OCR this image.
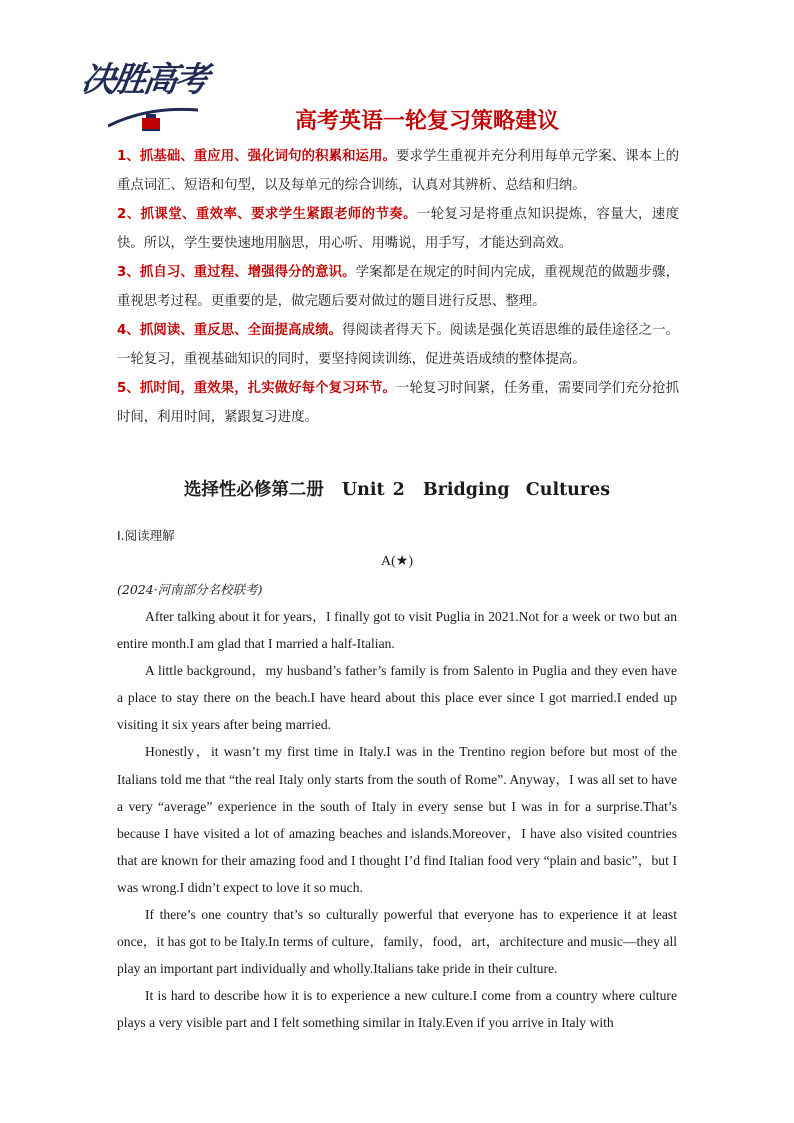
决胜高考
高考英语一轮复习策略建议

1、抓基础、重应用、强化词句的积累和运用。要求学生重视并充分利用每单元学案、课本上的重点词汇、短语和句型，以及每单元的综合训练，认真对其辨析、总结和归纳。

2、抓课堂、重效率、要求学生紧跟老师的节奏。一轮复习是将重点知识提炼，容量大，速度快。所以，学生要快速地用脑思，用心听、用嘴说，用手写，才能达到高效。

3、抓自习、重过程、增强得分的意识。学案都是在规定的时间内完成，重视规范的做题步骤，重视思考过程。更重要的是，做完题后要对做过的题目进行反思、整理。

4、抓阅读、重反思、全面提高成绩。得阅读者得天下。阅读是强化英语思维的最佳途径之一。一轮复习，重视基础知识的同时，要坚持阅读训练，促进英语成绩的整体提高。

5、抓时间，重效果，扎实做好每个复习环节。一轮复习时间紧，任务重，需要同学们充分抢抓时间，利用时间，紧跟复习进度。

选择性必修第二册 Unit 2 Bridging  Cultures
Ⅰ.阅读理解
A(★)
(2024·河南部分名校联考)

After talking about it for years，I finally got to visit Puglia in 2021.Not for a week or two but an entire month.I am glad that I married a half-Italian.

A little background，my husband’s father’s family is from Salento in Puglia and they even have a place to stay there on the beach.I have heard about this place ever since I got married.I ended up visiting it six years after being married.

Honestly，it wasn’t my first time in Italy.I was in the Trentino region before but most of the Italians told me that “the real Italy only starts from the south of Rome”. Anyway，I was all set to have a very “average” experience in the south of Italy in every sense but I was in for a surprise.That’s because I have visited a lot of amazing beaches and islands.Moreover，I have also visited countries that are known for their amazing food and I thought I’d find Italian food very “plain and basic”，but I was wrong.I didn’t expect to love it so much.

If there’s one country that’s so culturally powerful that everyone has to experience it at least once，it has got to be Italy.In terms of culture，family，food，art，architecture and music—they all play an important part individually and wholly.Italians take pride in their culture.

It is hard to describe how it is to experience a new culture.I come from a country where culture plays a very visible part and I felt something similar in Italy.Even if you arrive in Italy with
